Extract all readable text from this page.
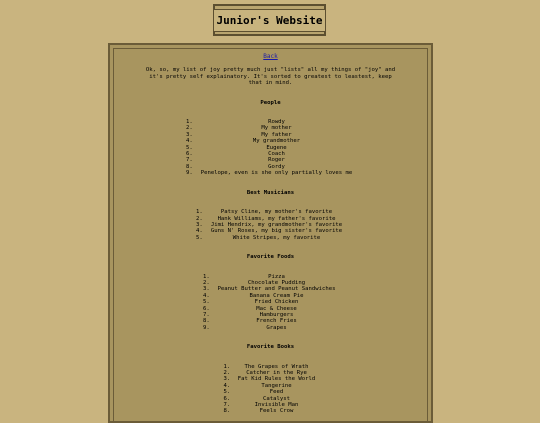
Junior's Website
Back
Ok, so, my list of joy pretty much just "lists" all my things of "joy" and it's pretty self explainatory. It's sorted to greatest to leastest, keep that in mind.
People
1.	Rowdy
2.	My mother
3.	My father
4.	My grandmother
5.	Eugene
6.	Coach
7.	Roger
8.	Gordy
9. Penelope, even is she only partially loves me
Best Musicians
1.	Patsy Cline, my mother's favorite
2.	Hank Williams, my father's favorite
3. Jimi Hendrix, my grandmother's favorite
4. Guns N' Roses, my big sister's favorite
5.	White Stripes, my favorite
Favorite Foods
1.	Pizza
2.	Chocolate Pudding
3. Peanut Butter and Peanut Sandwiches
4.	Banana Cream Pie
5.	Fried Chicken
6.	Mac & Cheese
7.	Hamburgers
8.	French Fries
9.	Grapes
Favorite Books
1.	The Grapes of Wrath
2.	Catcher in the Rye
3. Fat Kid Rules the World
4.	Tangerine
5.	Feed
6.	Catalyst
7.	Invisible Man
8.	Feels Crow
